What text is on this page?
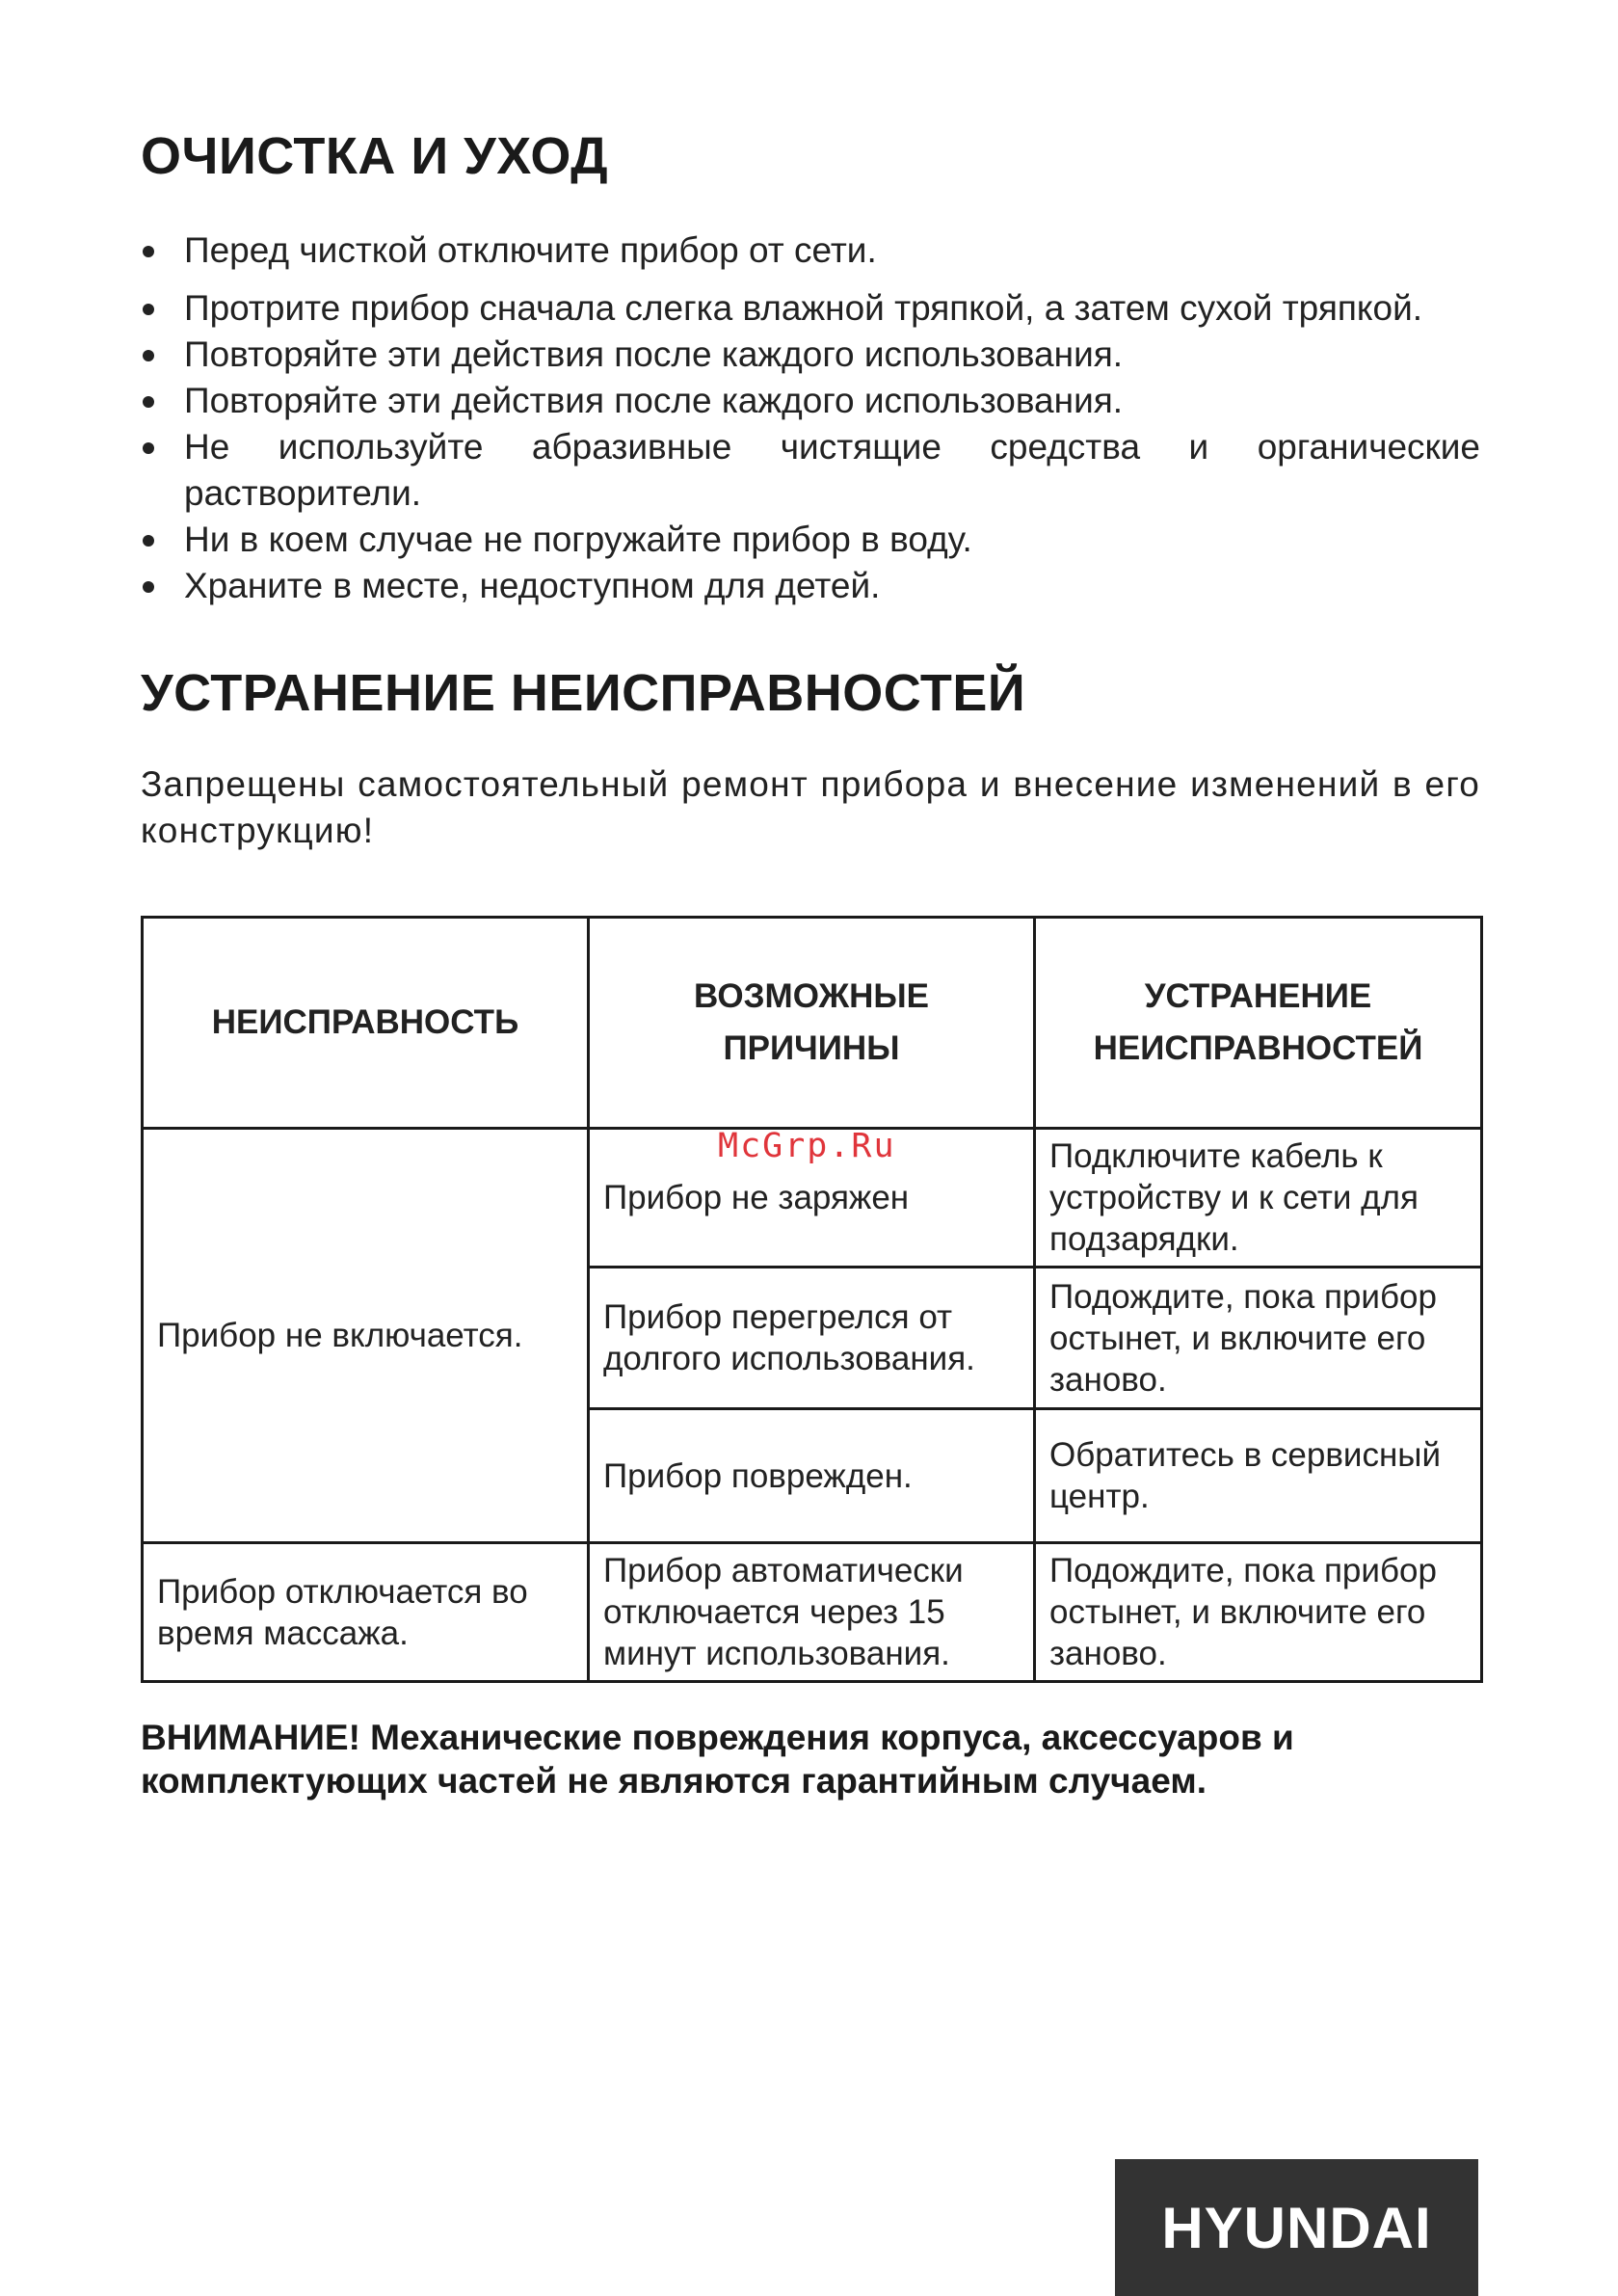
ОЧИСТКА И УХОД
Перед чисткой отключите прибор от сети.
Протрите прибор сначала слегка влажной тряпкой, а затем сухой тряпкой.
Повторяйте эти действия после каждого использования.
Повторяйте эти действия после каждого использования.
Не используйте абразивные чистящие средства и органические растворители.
Ни в коем случае не погружайте прибор в воду.
Храните в месте, недоступном для детей.
УСТРАНЕНИЕ НЕИСПРАВНОСТЕЙ

Запрещены самостоятельный ремонт прибора и внесение изменений в его конструкцию!

НЕИСПРАВНОСТЬ	ВОЗМОЖНЫЕ ПРИЧИНЫ	УСТРАНЕНИЕ НЕИСПРАВНОСТЕЙ
Прибор не включается.	Прибор не заряжен	Подключите кабель к устройству и к сети для подзарядки.
	Прибор перегрелся от долгого использования.	Подождите, пока прибор остынет, и включите его заново.
	Прибор поврежден.	Обратитесь в сервисный центр.
Прибор отключается во время массажа.	Прибор автоматически отключается через 15 минут использования.	Подождите, пока прибор остынет, и включите его заново.

ВНИМАНИЕ! Механические повреждения корпуса, аксессуаров и комплектующих частей не являются гарантийным случаем.

McGrp.Ru
HYUNDAI
